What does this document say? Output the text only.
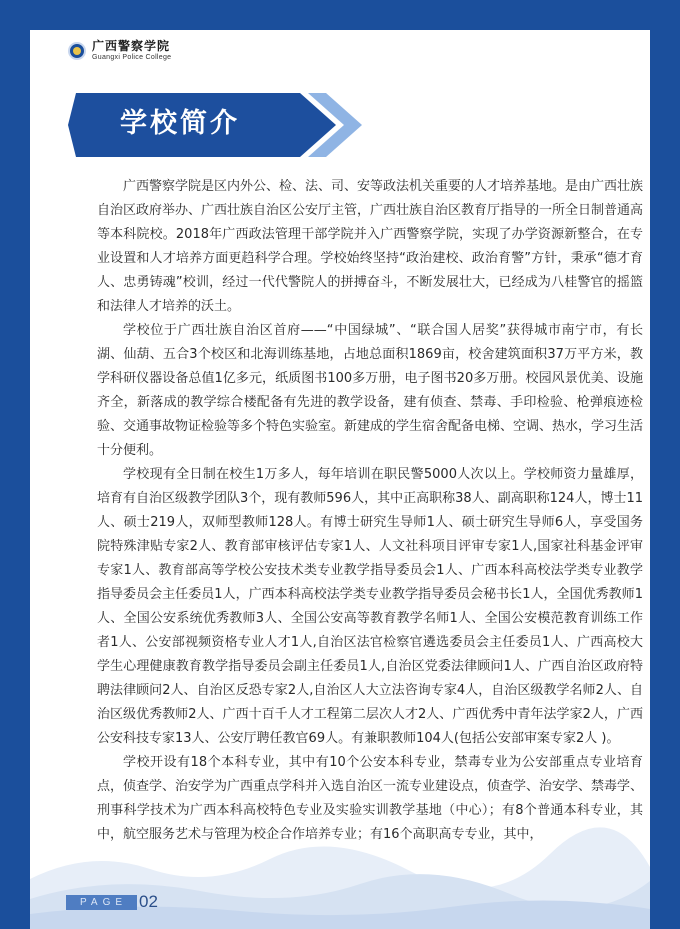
广西警察学院
Guangxi Police College
学校简介

广西警察学院是区内外公、检、法、司、安等政法机关重要的人才培养基地。是由广西壮族自治区政府举办、广西壮族自治区公安厅主管，广西壮族自治区教育厅指导的一所全日制普通高等本科院校。2018年广西政法管理干部学院并入广西警察学院，实现了办学资源新整合，在专业设置和人才培养方面更趋科学合理。学校始终坚持“政治建校、政治育警”方针，秉承“德才育人、忠勇铸魂”校训，经过一代代警院人的拼搏奋斗，不断发展壮大，已经成为八桂警官的摇篮和法律人才培养的沃土。

学校位于广西壮族自治区首府——“中国绿城”、“联合国人居奖”获得城市南宁市，有长湖、仙葫、五合3个校区和北海训练基地，占地总面积1869亩，校舍建筑面积37万平方米，教学科研仪器设备总值1亿多元，纸质图书100多万册，电子图书20多万册。校园风景优美、设施齐全，新落成的教学综合楼配备有先进的教学设备，建有侦查、禁毒、手印检验、枪弹痕迹检验、交通事故物证检验等多个特色实验室。新建成的学生宿舍配备电梯、空调、热水，学习生活十分便利。

学校现有全日制在校生1万多人，每年培训在职民警5000人次以上。学校师资力量雄厚，培育有自治区级教学团队3个，现有教师596人，其中正高职称38人、副高职称124人，博士11人、硕士219人，双师型教师128人。有博士研究生导师1人、硕士研究生导师6人，享受国务院特殊津贴专家2人、教育部审核评估专家1人、人文社科项目评审专家1人,国家社科基金评审专家1人、教育部高等学校公安技术类专业教学指导委员会1人、广西本科高校法学类专业教学指导委员会主任委员1人，广西本科高校法学类专业教学指导委员会秘书长1人，全国优秀教师1人、全国公安系统优秀教师3人、全国公安高等教育教学名师1人、全国公安模范教育训练工作者1人、公安部视频资格专业人才1人,自治区法官检察官遴选委员会主任委员1人、广西高校大学生心理健康教育教学指导委员会副主任委员1人,自治区党委法律顾问1人、广西自治区政府特聘法律顾问2人、自治区反恐专家2人,自治区人大立法咨询专家4人，自治区级教学名师2人、自治区级优秀教师2人、广西十百千人才工程第二层次人才2人、广西优秀中青年法学家2人，广西公安科技专家13人、公安厅聘任教官69人。有兼职教师104人(包括公安部审案专家2人 )。

学校开设有18个本科专业，其中有10个公安本科专业，禁毒专业为公安部重点专业培育点，侦查学、治安学为广西重点学科并入选自治区一流专业建设点，侦查学、治安学、禁毒学、刑事科学技术为广西本科高校特色专业及实验实训教学基地（中心）；有8个普通本科专业，其中，航空服务艺术与管理为校企合作培养专业；有16个高职高专专业，其中，

PAGE 02
